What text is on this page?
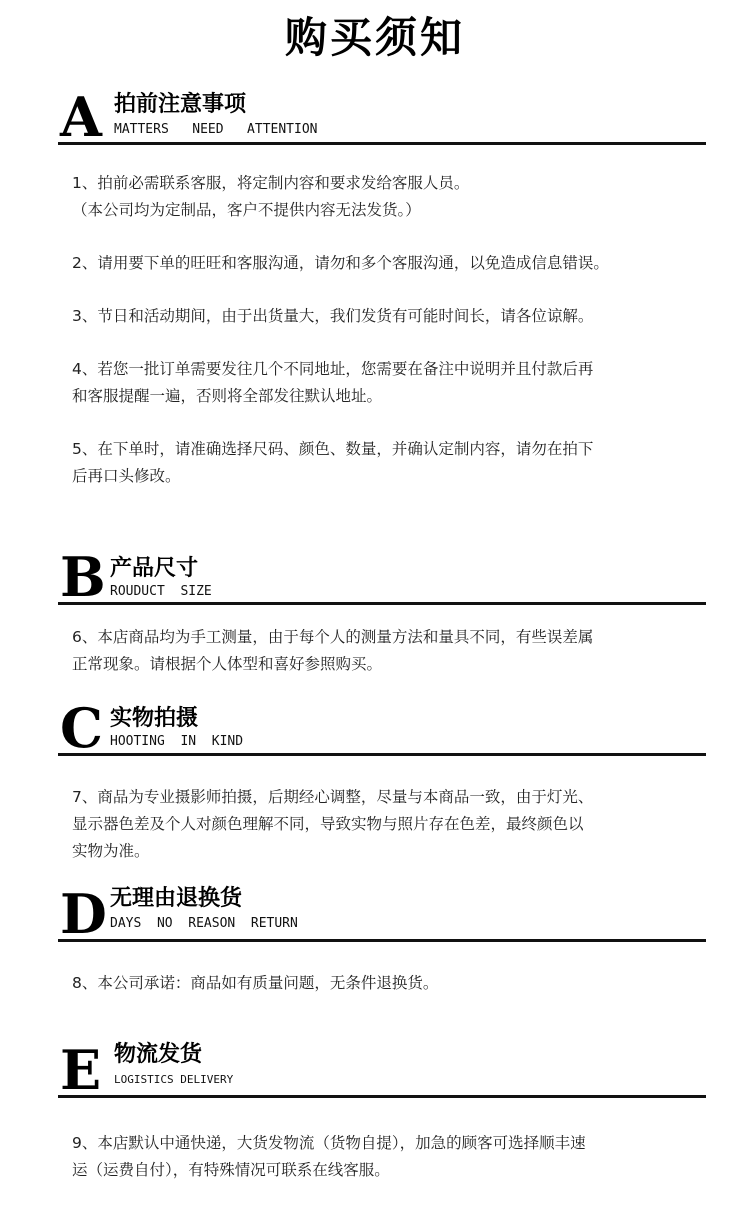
购买须知
A 拍前注意事项
MATTERS   NEED   ATTENTION
1、拍前必需联系客服，将定制内容和要求发给客服人员。
（本公司均为定制品，客户不提供内容无法发货。）
2、请用要下单的旺旺和客服沟通，请勿和多个客服沟通，以免造成信息错误。
3、节日和活动期间，由于出货量大，我们发货有可能时间长，请各位谅解。
4、若您一批订单需要发往几个不同地址，您需要在备注中说明并且付款后再
和客服提醒一遍，否则将全部发往默认地址。
5、在下单时，请准确选择尺码、颜色、数量，并确认定制内容，请勿在拍下
后再口头修改。
B 产品尺寸
ROUDUCT  SIZE
6、本店商品均为手工测量，由于每个人的测量方法和量具不同，有些误差属
正常现象。请根据个人体型和喜好参照购买。
C 实物拍摄
HOOTING  IN  KIND
7、商品为专业摄影师拍摄，后期经心调整，尽量与本商品一致，由于灯光、
显示器色差及个人对颜色理解不同，导致实物与照片存在色差，最终颜色以
实物为准。
D 无理由退换货
DAYS  NO  REASON  RETURN
8、本公司承诺：商品如有质量问题，无条件退换货。
E 物流发货
LOGISTICS DELIVERY
9、本店默认中通快递，大货发物流（货物自提），加急的顾客可选择顺丰速
运（运费自付），有特殊情况可联系在线客服。
